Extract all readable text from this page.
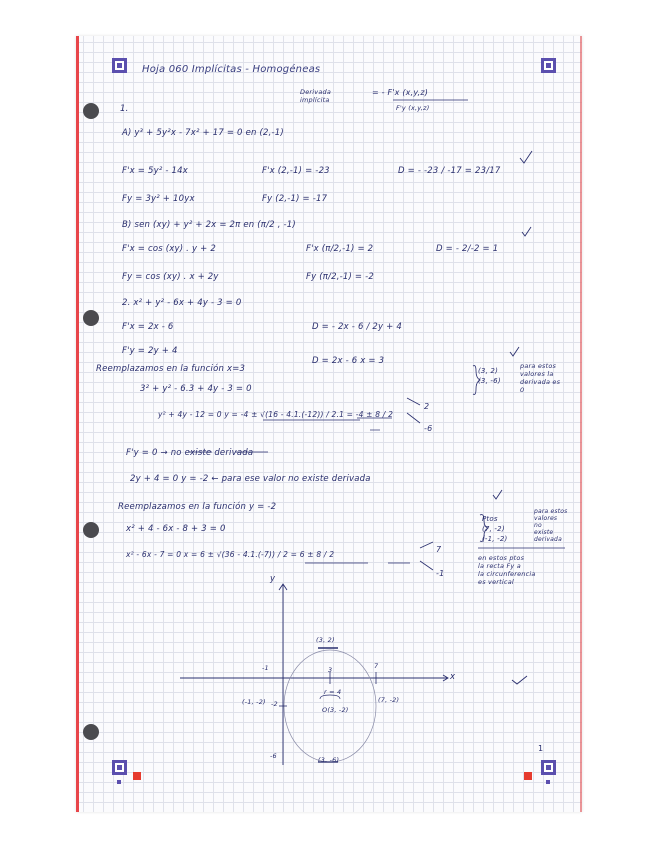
Hoja 060 Implícitas - Homogéneas
Derivada implícita
= - F'x (x,y,z)
F'y (x,y,z)
1.
A) y³ + 5y²x - 7x² + 17 = 0 en (2,-1)
F'x = 5y² - 14x	F'x (2,-1) = -23	D = - -23 / -17 = 23/17
Fy = 3y² + 10yx	Fy (2,-1) = -17
B) sen (xy) + y² + 2x = 2π en (π/2 , -1)
F'x = cos (xy) . y + 2	F'x (π/2,-1) = 2	D = - 2/-2 = 1
Fy = cos (xy) . x + 2y	Fy (π/2,-1) = -2
2. x² + y² - 6x + 4y - 3 = 0
F'x = 2x - 6	D = - 2x - 6 / 2y + 4
F'y = 2y + 4
D = 2x - 6 x = 3
Reemplazamos en la función x=3
3² + y² - 6.3 + 4y - 3 = 0
y² + 4y - 12 = 0 y = -4 ± √(16 - 4.1.(-12)) / 2.1 = -4 ± 8 / 2
2
-6
(3, 2)
(3, -6)
para estos
valores la
derivada es
0
F'y = 0 → no existe derivada
2y + 4 = 0 y = -2 ← para ese valor no existe derivada
Reemplazamos en la función y = -2
x² + 4 - 6x - 8 + 3 = 0
x² - 6x - 7 = 0 x = 6 ± √(36 - 4.1.(-7)) / 2 = 6 ± 8 / 2
7
-1
Ptos
(7, -2)
(-1, -2)
para estos
valores
no
existe
derivada
en estos ptos
la recta Fy a
la circunferencia
es vertical
y
x
(3, 2)
-1	3	7
(-1, -2) -2
r = 4
O(3, -2)
(7, -2)
-6	(3, -6)
1
